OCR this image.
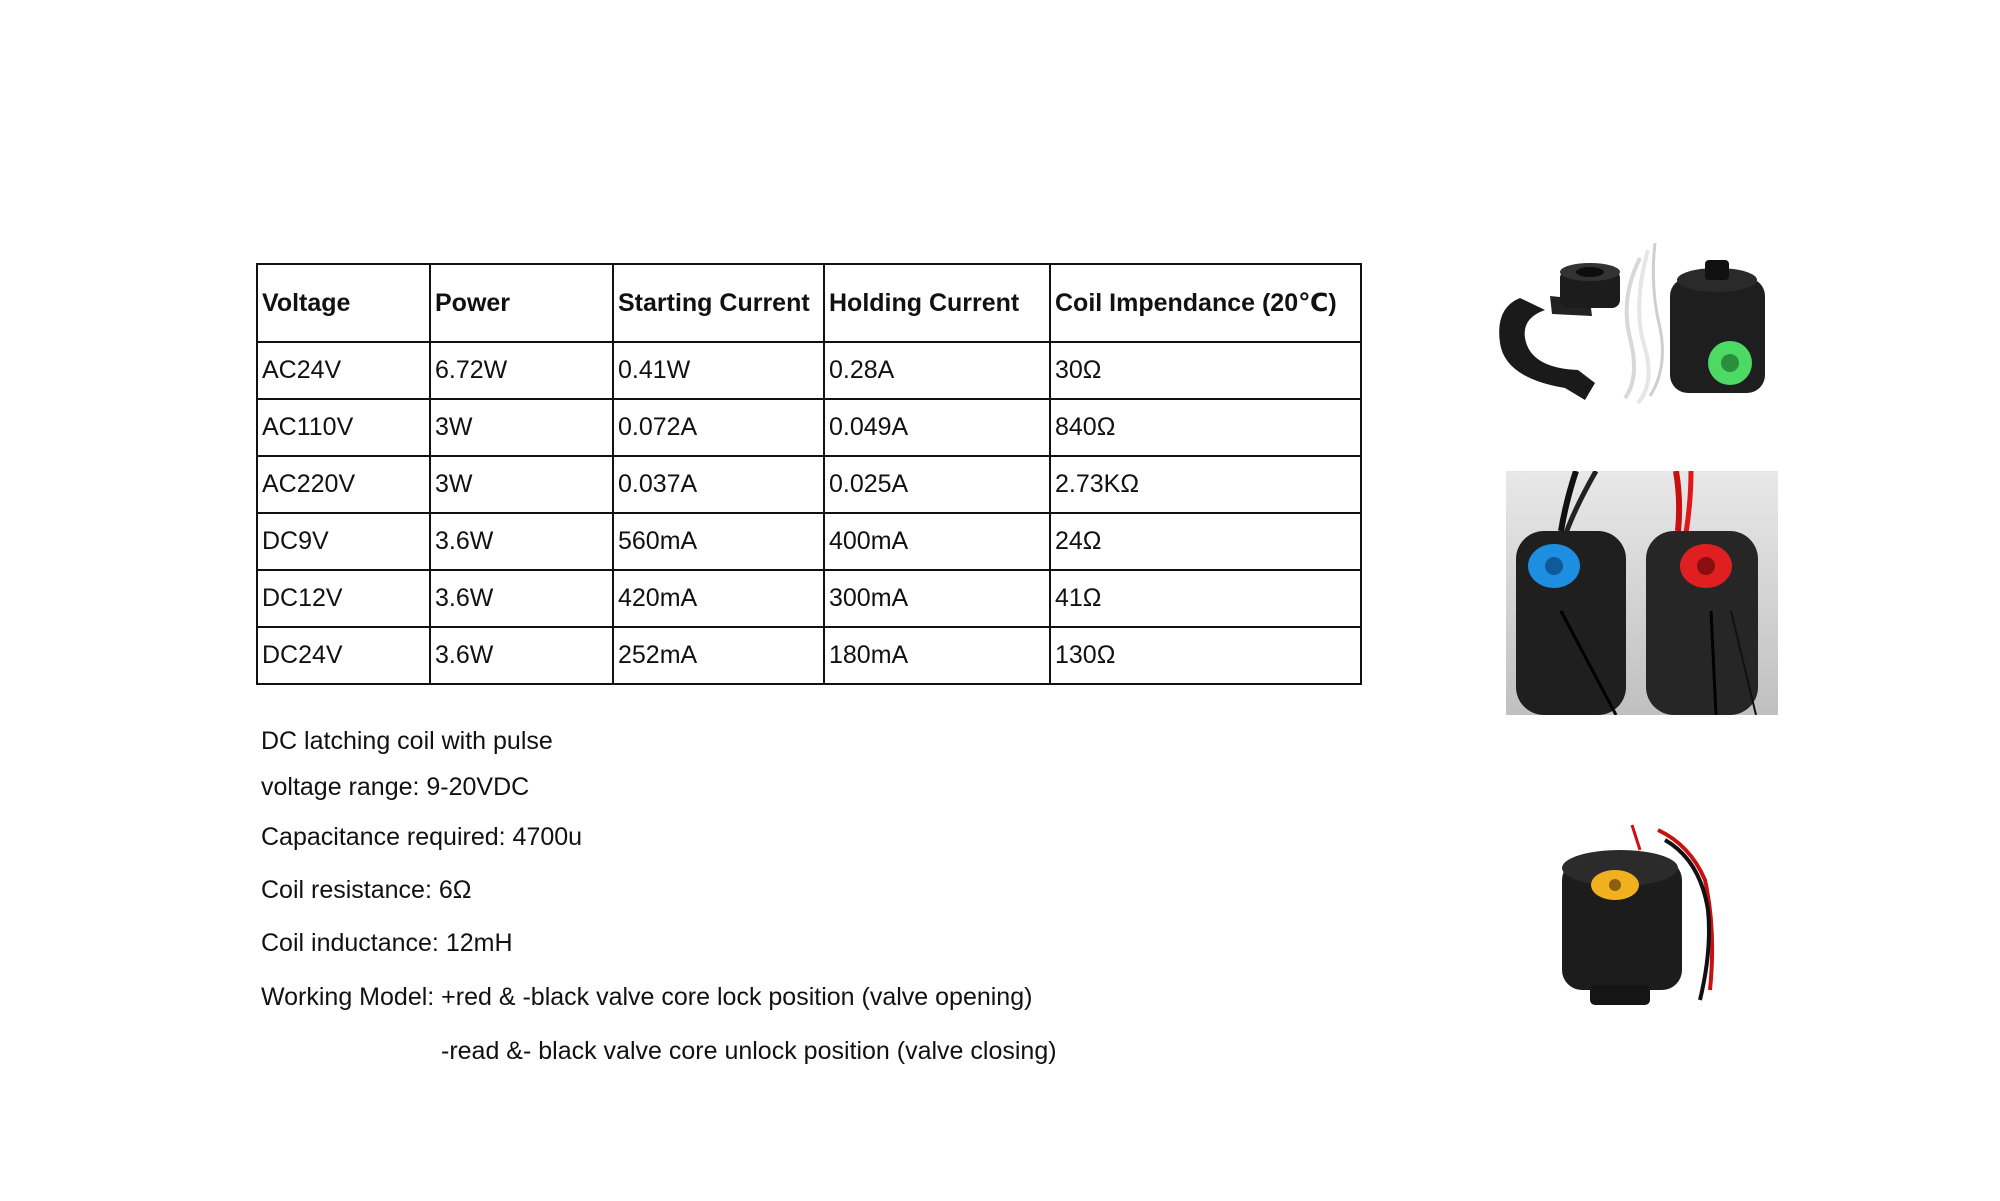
Voltage	Power	Starting Current	Holding Current	Coil Impendance (20℃)
AC24V	6.72W	0.41W	0.28A	30Ω
AC110V	3W	0.072A	0.049A	840Ω
AC220V	3W	0.037A	0.025A	2.73KΩ
DC9V	3.6W	560mA	400mA	24Ω
DC12V	3.6W	420mA	300mA	41Ω
DC24V	3.6W	252mA	180mA	130Ω
DC latching coil with pulse
voltage range: 9-20VDC
Capacitance required: 4700u
Coil resistance: 6Ω
Coil inductance: 12mH
Working Model: +red & -black valve core lock position (valve opening)
-read &- black valve core unlock position (valve closing)
